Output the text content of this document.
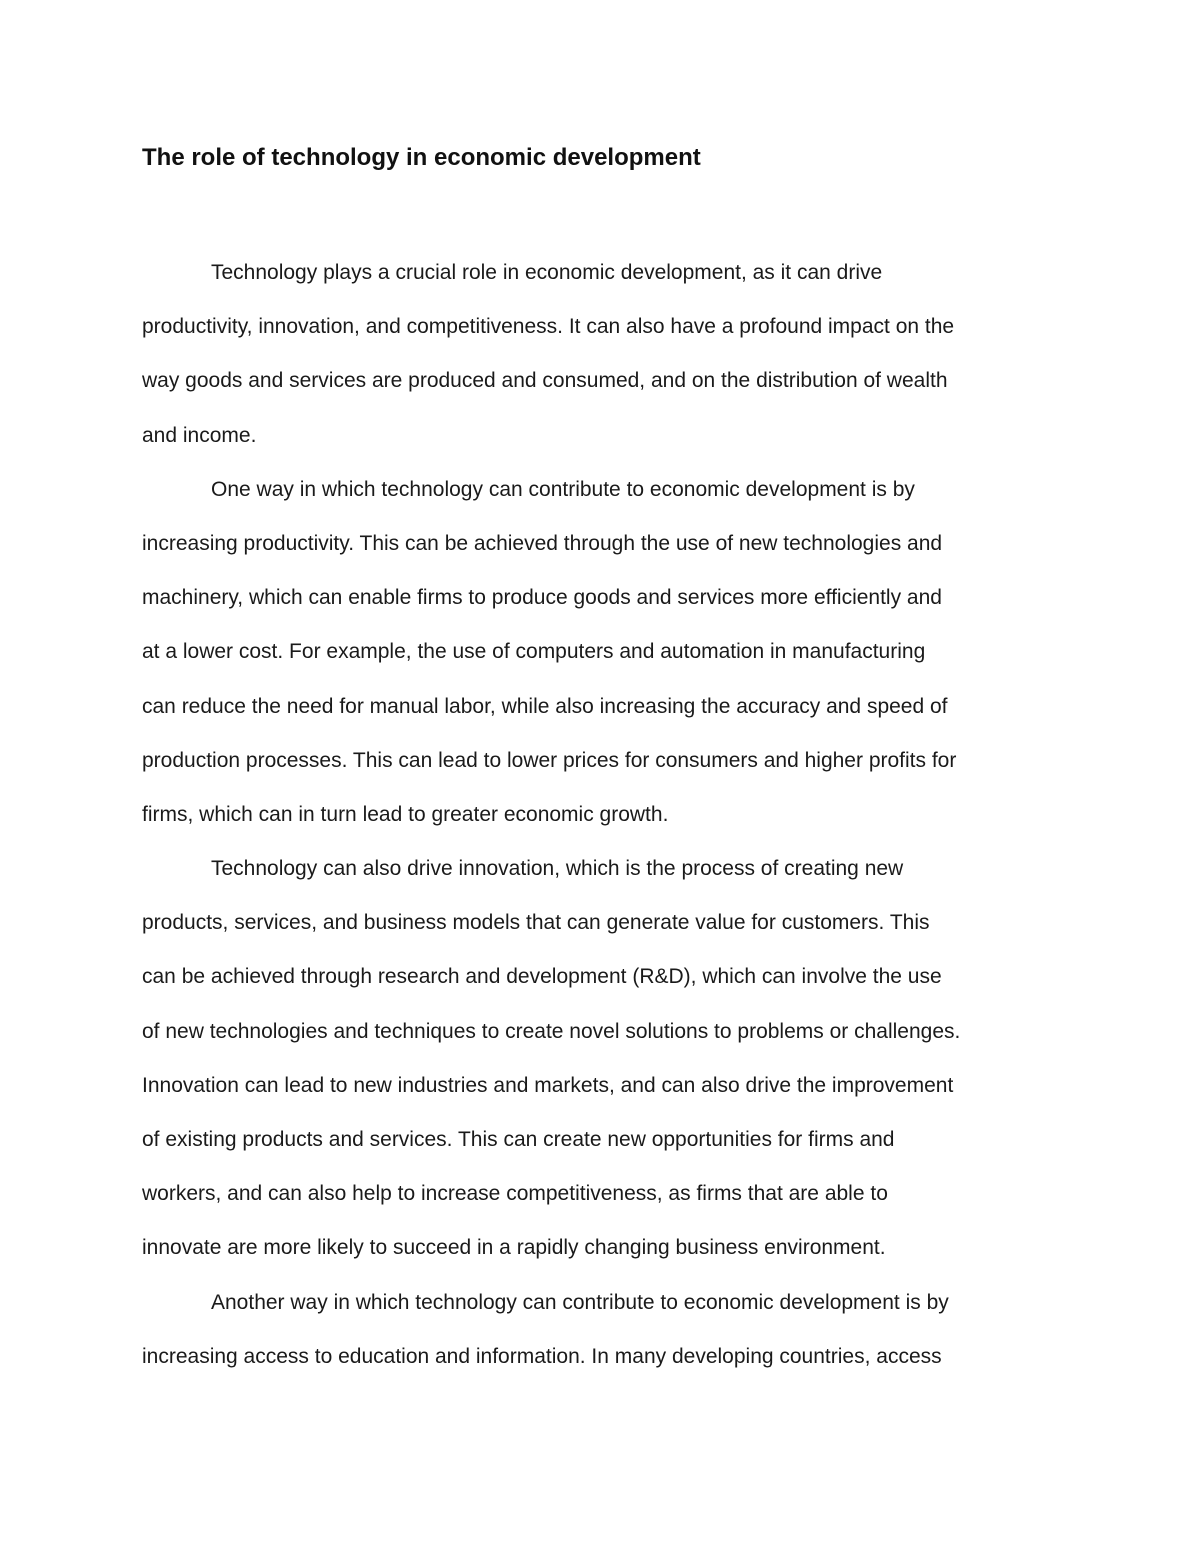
The role of technology in economic development
Technology plays a crucial role in economic development, as it can drive
productivity, innovation, and competitiveness. It can also have a profound impact on the
way goods and services are produced and consumed, and on the distribution of wealth
and income.
One way in which technology can contribute to economic development is by
increasing productivity. This can be achieved through the use of new technologies and
machinery, which can enable firms to produce goods and services more efficiently and
at a lower cost. For example, the use of computers and automation in manufacturing
can reduce the need for manual labor, while also increasing the accuracy and speed of
production processes. This can lead to lower prices for consumers and higher profits for
firms, which can in turn lead to greater economic growth.
Technology can also drive innovation, which is the process of creating new
products, services, and business models that can generate value for customers. This
can be achieved through research and development (R&D), which can involve the use
of new technologies and techniques to create novel solutions to problems or challenges.
Innovation can lead to new industries and markets, and can also drive the improvement
of existing products and services. This can create new opportunities for firms and
workers, and can also help to increase competitiveness, as firms that are able to
innovate are more likely to succeed in a rapidly changing business environment.
Another way in which technology can contribute to economic development is by
increasing access to education and information. In many developing countries, access
